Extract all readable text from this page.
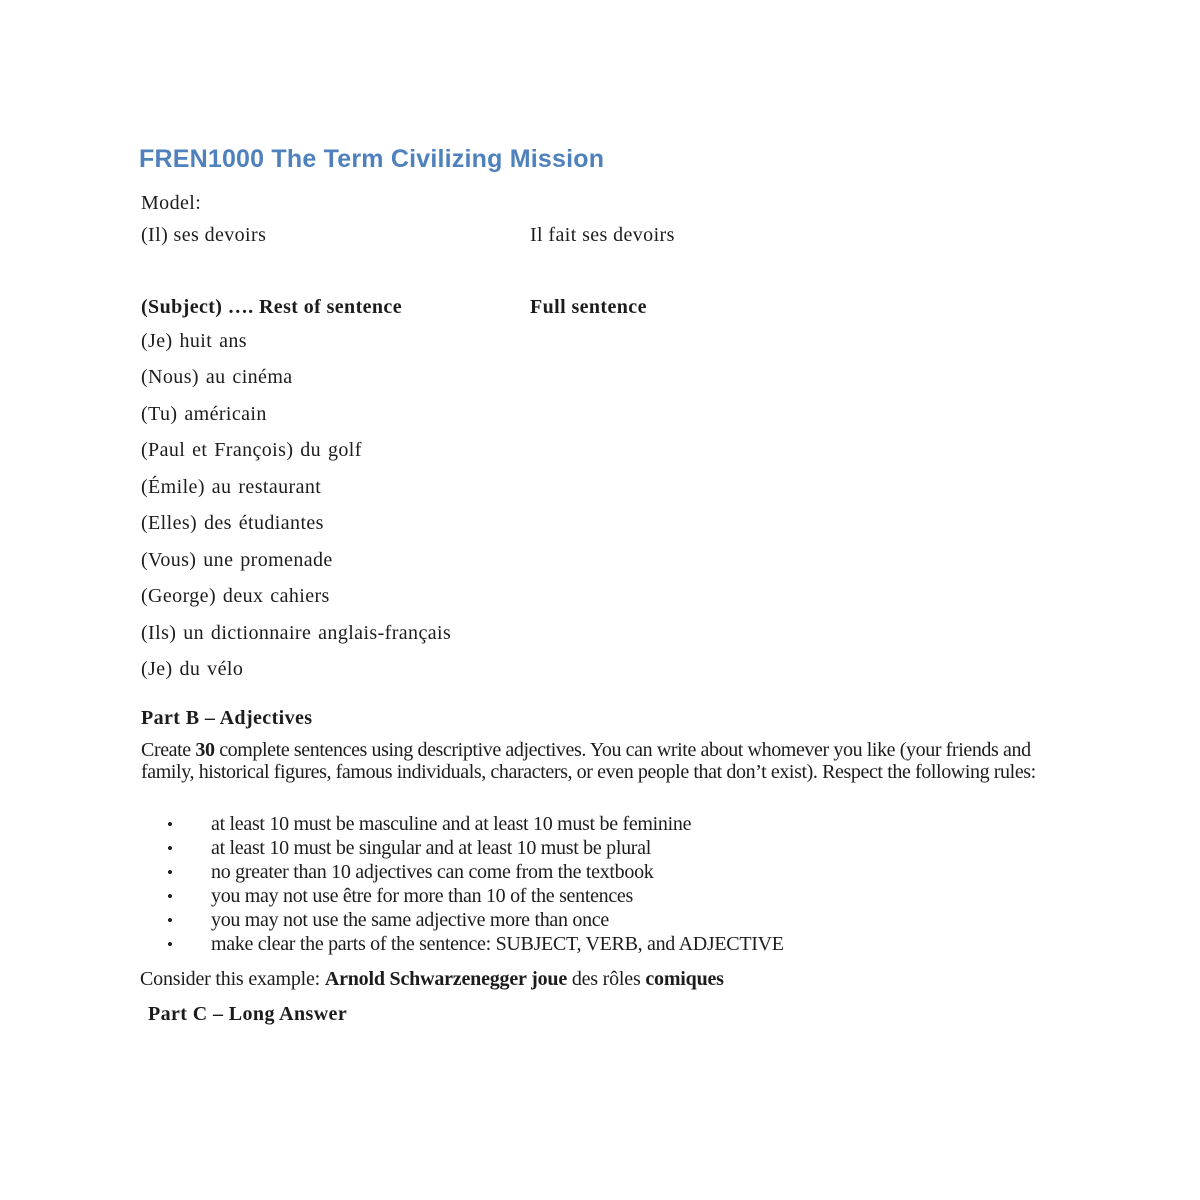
FREN1000 The Term Civilizing Mission
Model:
(Il) ses devoirs	Il fait ses devoirs
(Subject) …. Rest of sentence	Full sentence
(Je) huit ans
(Nous) au cinéma
(Tu) américain
(Paul et François) du golf
(Émile) au restaurant
(Elles) des étudiantes
(Vous) une promenade
(George) deux cahiers
(Ils) un dictionnaire anglais-français
(Je) du vélo
Part B – Adjectives

Create 30 complete sentences using descriptive adjectives. You can write about whomever you like (your friends and family, historical figures, famous individuals, characters, or even people that don’t exist). Respect the following rules:

•	at least 10 must be masculine and at least 10 must be feminine
•	at least 10 must be singular and at least 10 must be plural
•	no greater than 10 adjectives can come from the textbook
•	you may not use être for more than 10 of the sentences
•	you may not use the same adjective more than once
•	make clear the parts of the sentence: SUBJECT, VERB, and ADJECTIVE
Consider this example: Arnold Schwarzenegger joue des rôles comiques
Part C – Long Answer
